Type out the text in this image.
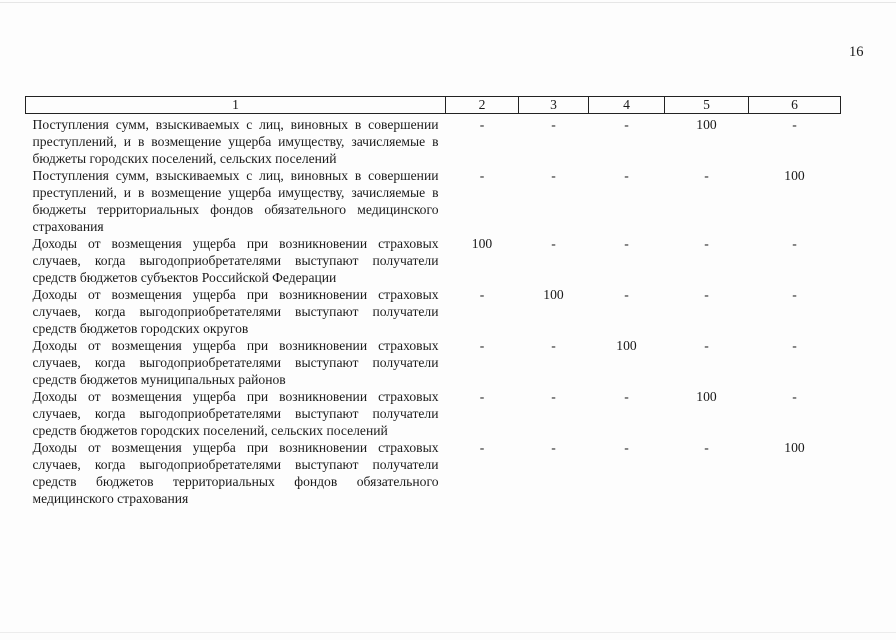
16
1	2	3	4	5	6
Поступления сумм, взыскиваемых с лиц, виновных в совершении преступлений, и в возмещение ущерба имуществу, зачисляемые в бюджеты городских поселений, сельских поселений	-	-	-	100	-
Поступления сумм, взыскиваемых с лиц, виновных в совершении преступлений, и в возмещение ущерба имуществу, зачисляемые в бюджеты территориальных фондов обязательного медицинского страхования	-	-	-	-	100
Доходы от возмещения ущерба при возникновении страховых случаев, когда выгодоприобретателями выступают получатели средств бюджетов субъектов Российской Федерации	100	-	-	-	-
Доходы от возмещения ущерба при возникновении страховых случаев, когда выгодоприобретателями выступают получатели средств бюджетов городских округов	-	100	-	-	-
Доходы от возмещения ущерба при возникновении страховых случаев, когда выгодоприобретателями выступают получатели средств бюджетов муниципальных районов	-	-	100	-	-
Доходы от возмещения ущерба при возникновении страховых случаев, когда выгодоприобретателями выступают получатели средств бюджетов городских поселений, сельских поселений	-	-	-	100	-
Доходы от возмещения ущерба при возникновении страховых случаев, когда выгодоприобретателями выступают получатели средств бюджетов территориальных фондов обязательного медицинского страхования	-	-	-	-	100
